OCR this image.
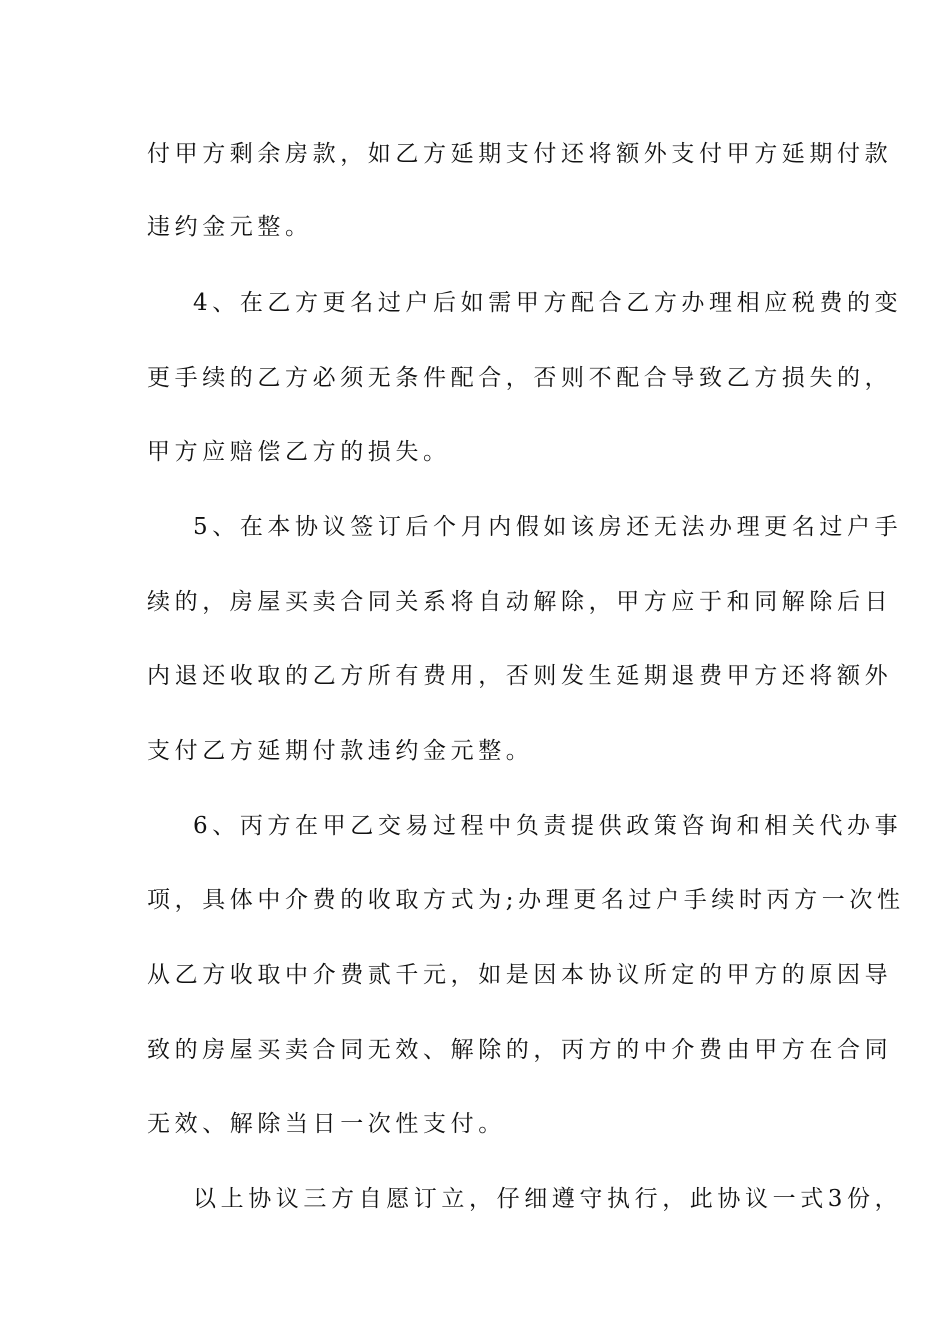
付甲方剩余房款，如乙方延期支付还将额外支付甲方延期付款
违约金元整。
4、在乙方更名过户后如需甲方配合乙方办理相应税费的变
更手续的乙方必须无条件配合，否则不配合导致乙方损失的，
甲方应赔偿乙方的损失。
5、在本协议签订后个月内假如该房还无法办理更名过户手
续的，房屋买卖合同关系将自动解除，甲方应于和同解除后日
内退还收取的乙方所有费用，否则发生延期退费甲方还将额外
支付乙方延期付款违约金元整。
6、丙方在甲乙交易过程中负责提供政策咨询和相关代办事
项，具体中介费的收取方式为;办理更名过户手续时丙方一次性
从乙方收取中介费贰千元，如是因本协议所定的甲方的原因导
致的房屋买卖合同无效、解除的，丙方的中介费由甲方在合同
无效、解除当日一次性支付。
以上协议三方自愿订立，仔细遵守执行，此协议一式3份，
